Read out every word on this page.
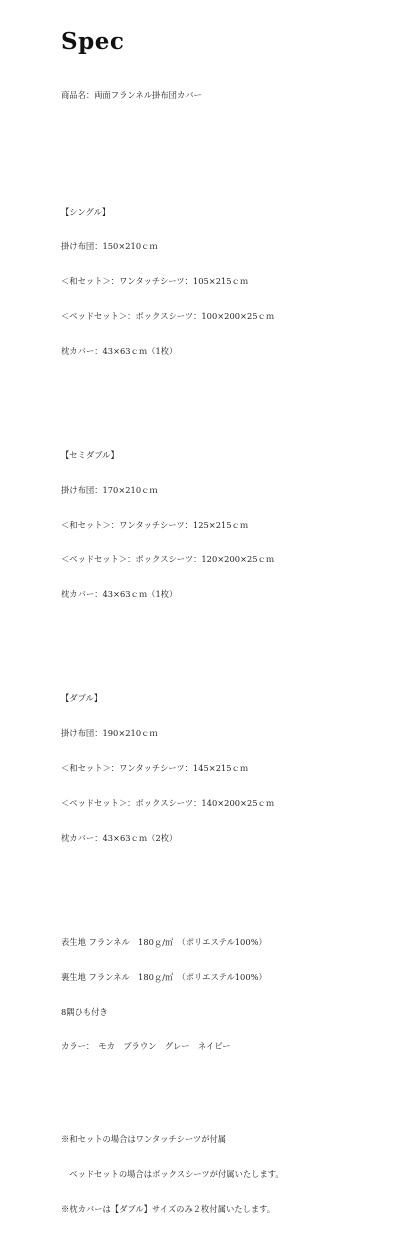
Spec

商品名：両面フランネル掛布団カバー

【シングル】

掛け布団：150×210ｃｍ

＜和セット＞：ワンタッチシーツ：105×215ｃｍ

＜ベッドセット＞：ボックスシーツ：100×200×25ｃｍ

枕カバー：43×63ｃｍ（1枚）

【セミダブル】

掛け布団：170×210ｃｍ

＜和セット＞：ワンタッチシーツ：125×215ｃｍ

＜ベッドセット＞：ボックスシーツ：120×200×25ｃｍ

枕カバー：43×63ｃｍ（1枚）

【ダブル】

掛け布団：190×210ｃｍ

＜和セット＞：ワンタッチシーツ：145×215ｃｍ

＜ベッドセット＞：ボックスシーツ：140×200×25ｃｍ

枕カバー：43×63ｃｍ（2枚）

表生地 フランネル　180ｇ/㎡　（ポリエステル100%）

裏生地 フランネル　180ｇ/㎡　（ポリエステル100%）

8隅ひも付き

カラー：　モカ　ブラウン　グレー　ネイビー

※和セットの場合はワンタッチシーツが付属

　ベッドセットの場合はボックスシーツが付属いたします。

※枕カバーは【ダブル】サイズのみ２枚付属いたします。
